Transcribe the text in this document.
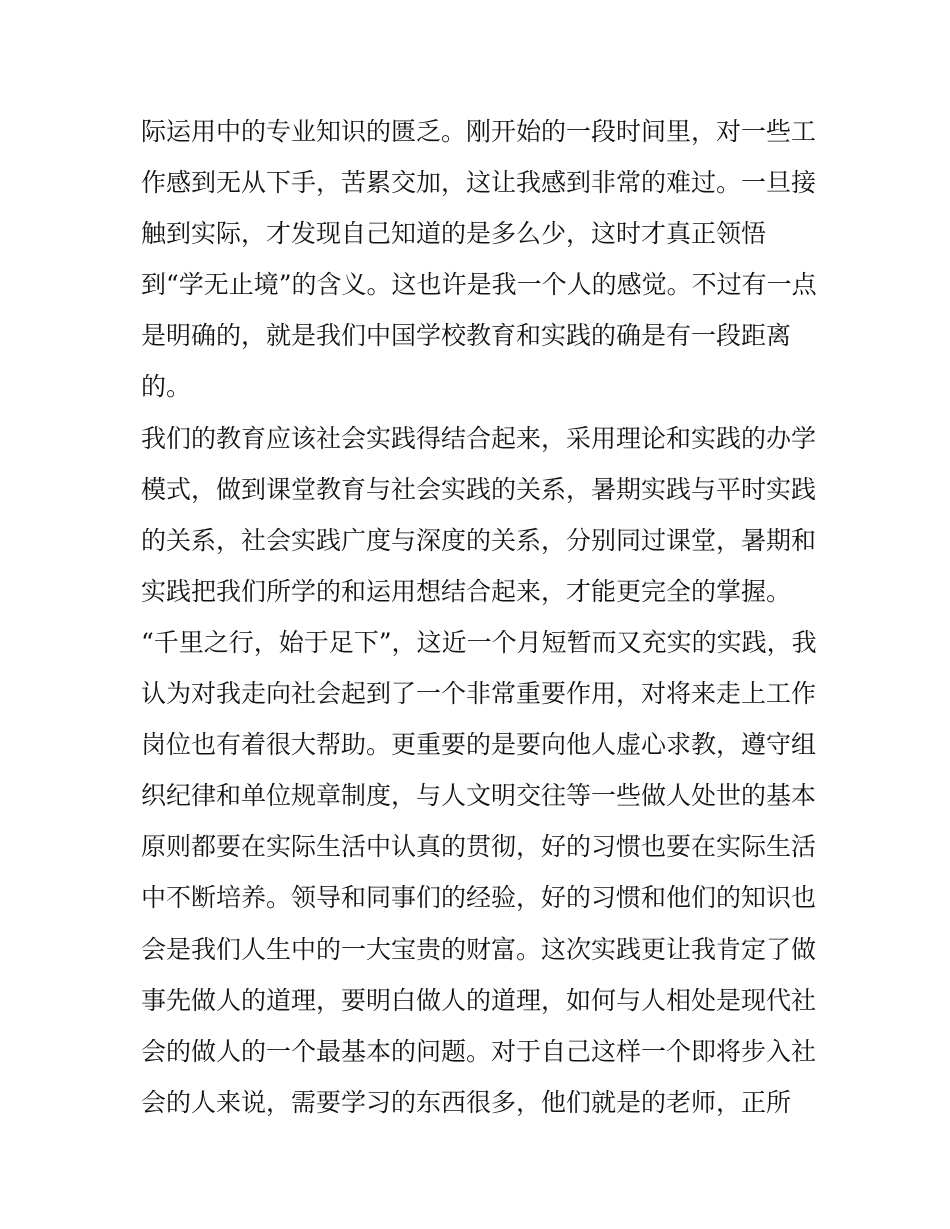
际运用中的专业知识的匮乏。刚开始的一段时间里，对一些工
作感到无从下手，苦累交加，这让我感到非常的难过。一旦接
触到实际，才发现自己知道的是多么少，这时才真正领悟
到“学无止境”的含义。这也许是我一个人的感觉。不过有一点
是明确的，就是我们中国学校教育和实践的确是有一段距离
的。
我们的教育应该社会实践得结合起来，采用理论和实践的办学
模式，做到课堂教育与社会实践的关系，暑期实践与平时实践
的关系，社会实践广度与深度的关系，分别同过课堂，暑期和
实践把我们所学的和运用想结合起来，才能更完全的掌握。
“千里之行，始于足下”，这近一个月短暂而又充实的实践，我
认为对我走向社会起到了一个非常重要作用，对将来走上工作
岗位也有着很大帮助。更重要的是要向他人虚心求教，遵守组
织纪律和单位规章制度，与人文明交往等一些做人处世的基本
原则都要在实际生活中认真的贯彻，好的习惯也要在实际生活
中不断培养。领导和同事们的经验，好的习惯和他们的知识也
会是我们人生中的一大宝贵的财富。这次实践更让我肯定了做
事先做人的道理，要明白做人的道理，如何与人相处是现代社
会的做人的一个最基本的问题。对于自己这样一个即将步入社
会的人来说，需要学习的东西很多，他们就是的老师，正所
